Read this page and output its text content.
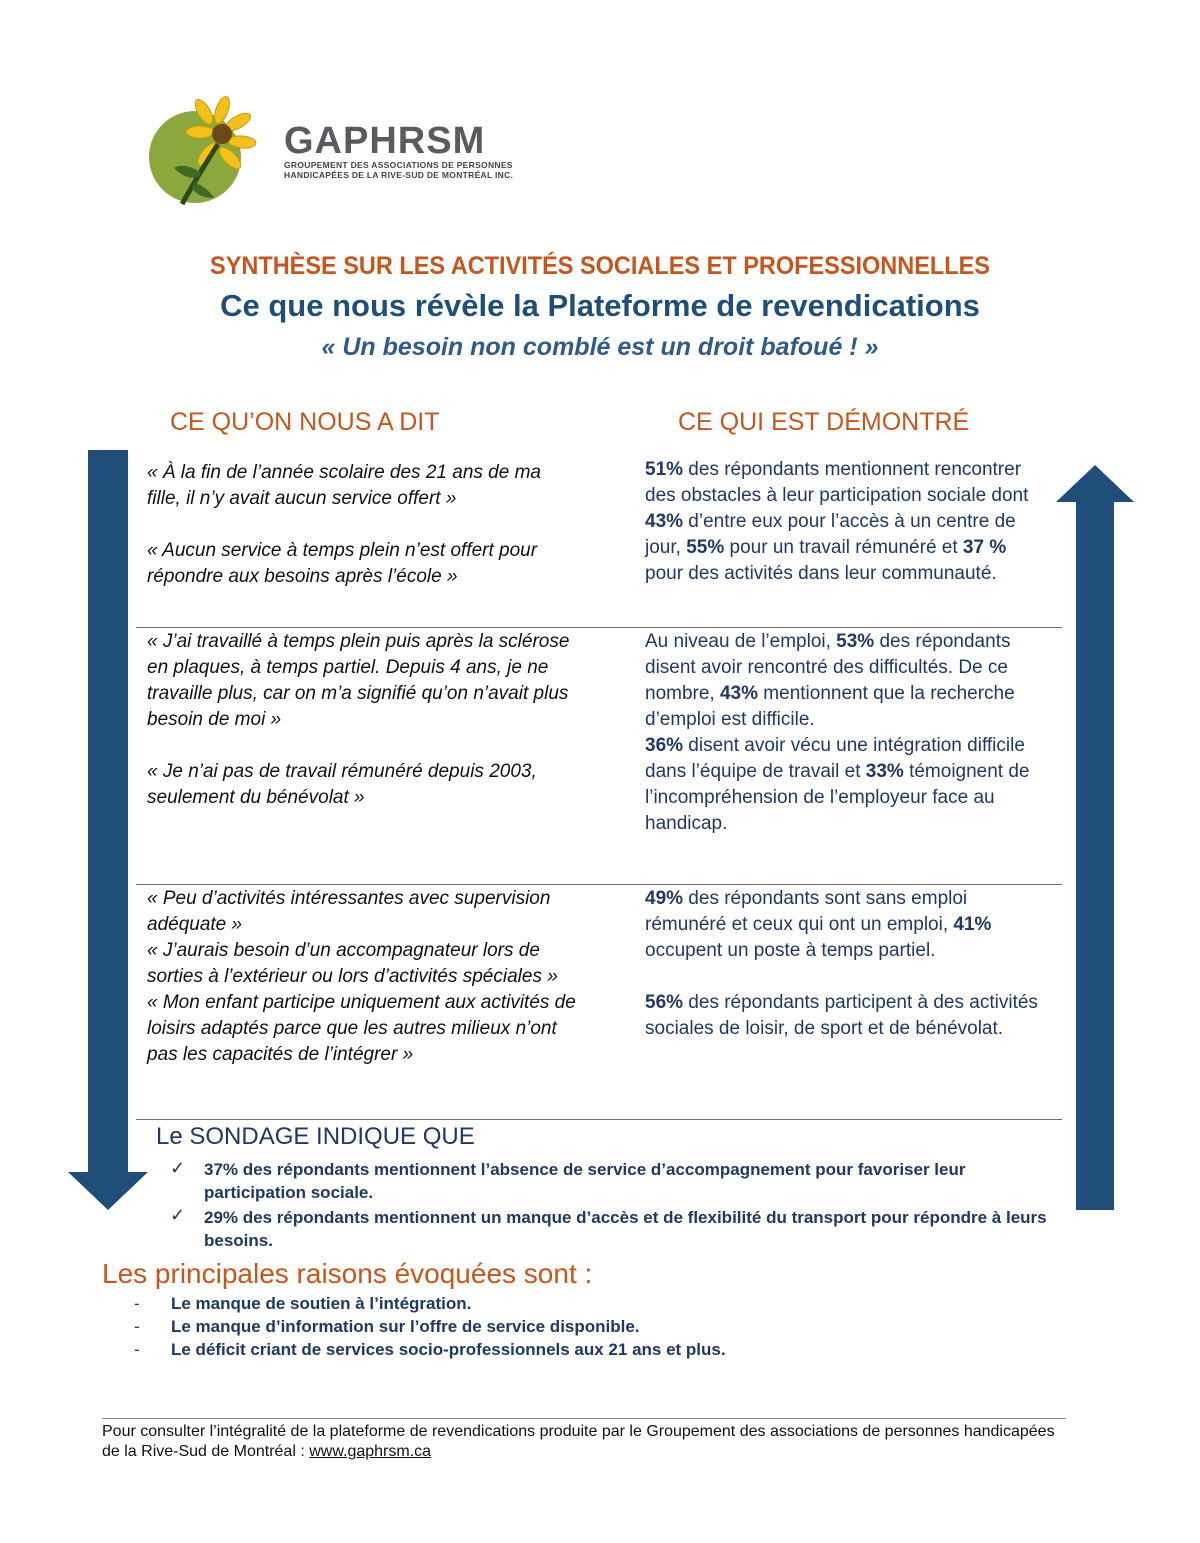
GAPHRSM
GROUPEMENT DES ASSOCIATIONS DE PERSONNES
HANDICAPÉES DE LA RIVE-SUD DE MONTRÉAL INC.
SYNTHÈSE SUR LES ACTIVITÉS SOCIALES ET PROFESSIONNELLES
Ce que nous révèle la Plateforme de revendications
« Un besoin non comblé est un droit bafoué ! »
CE QU’ON NOUS A DIT	CE QUI EST DÉMONTRÉ

« À la fin de l’année scolaire des 21 ans de ma fille, il n’y avait aucun service offert »

« Aucun service à temps plein n’est offert pour répondre aux besoins après l’école »

51% des répondants mentionnent rencontrer des obstacles à leur participation sociale dont 43% d’entre eux pour l’accès à un centre de jour, 55% pour un travail rémunéré et 37 % pour des activités dans leur communauté.

« J’ai travaillé à temps plein puis après la sclérose en plaques, à temps partiel. Depuis 4 ans, je ne travaille plus, car on m’a signifié qu’on n’avait plus besoin de moi »

« Je n’ai pas de travail rémunéré depuis 2003, seulement du bénévolat »

Au niveau de l’emploi, 53% des répondants disent avoir rencontré des difficultés. De ce nombre, 43% mentionnent que la recherche d’emploi est difficile.

36% disent avoir vécu une intégration difficile dans l’équipe de travail et 33% témoignent de l’incompréhension de l’employeur face au handicap.

« Peu d’activités intéressantes avec supervision adéquate »

« J’aurais besoin d’un accompagnateur lors de sorties à l’extérieur ou lors d’activités spéciales »

« Mon enfant participe uniquement aux activités de loisirs adaptés parce que les autres milieux n’ont pas les capacités de l’intégrer »

49% des répondants sont sans emploi rémunéré et ceux qui ont un emploi, 41% occupent un poste à temps partiel.

56% des répondants participent à des activités sociales de loisir, de sport et de bénévolat.

Le SONDAGE INDIQUE QUE
✓ 37% des répondants mentionnent l’absence de service d’accompagnement pour favoriser leur participation sociale.
✓ 29% des répondants mentionnent un manque d’accès et de flexibilité du transport pour répondre à leurs besoins.
Les principales raisons évoquées sont :
- Le manque de soutien à l’intégration.
- Le manque d’information sur l’offre de service disponible.
- Le déficit criant de services socio-professionnels aux 21 ans et plus.
Pour consulter l’intégralité de la plateforme de revendications produite par le Groupement des associations de personnes handicapées de la Rive-Sud de Montréal : www.gaphrsm.ca
